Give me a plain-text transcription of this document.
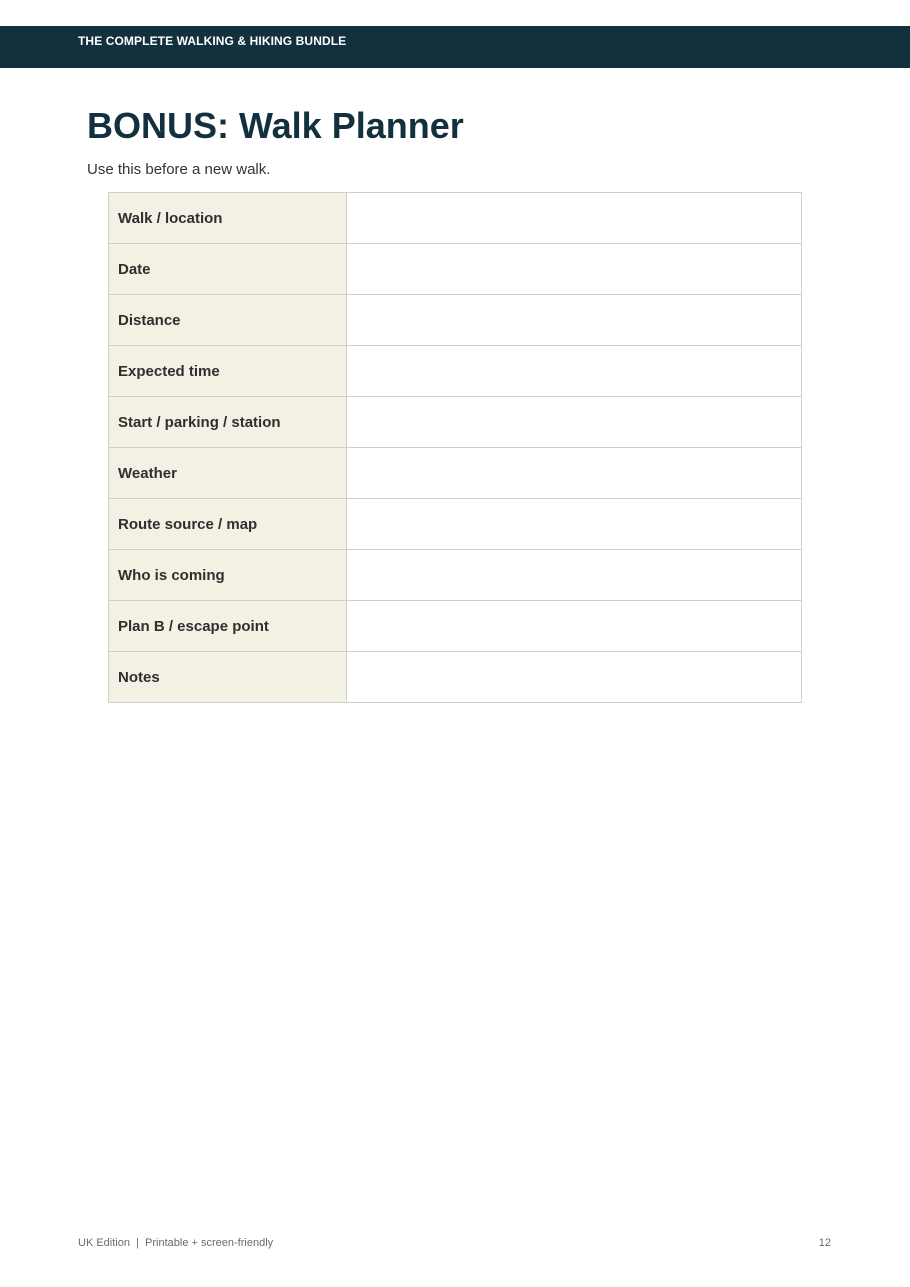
THE COMPLETE WALKING & HIKING BUNDLE
BONUS: Walk Planner

Use this before a new walk.

Walk / location	
Date	
Distance	
Expected time	
Start / parking / station	
Weather	
Route source / map	
Who is coming	
Plan B / escape point	
Notes	
UK Edition  |  Printable + screen-friendly	12
